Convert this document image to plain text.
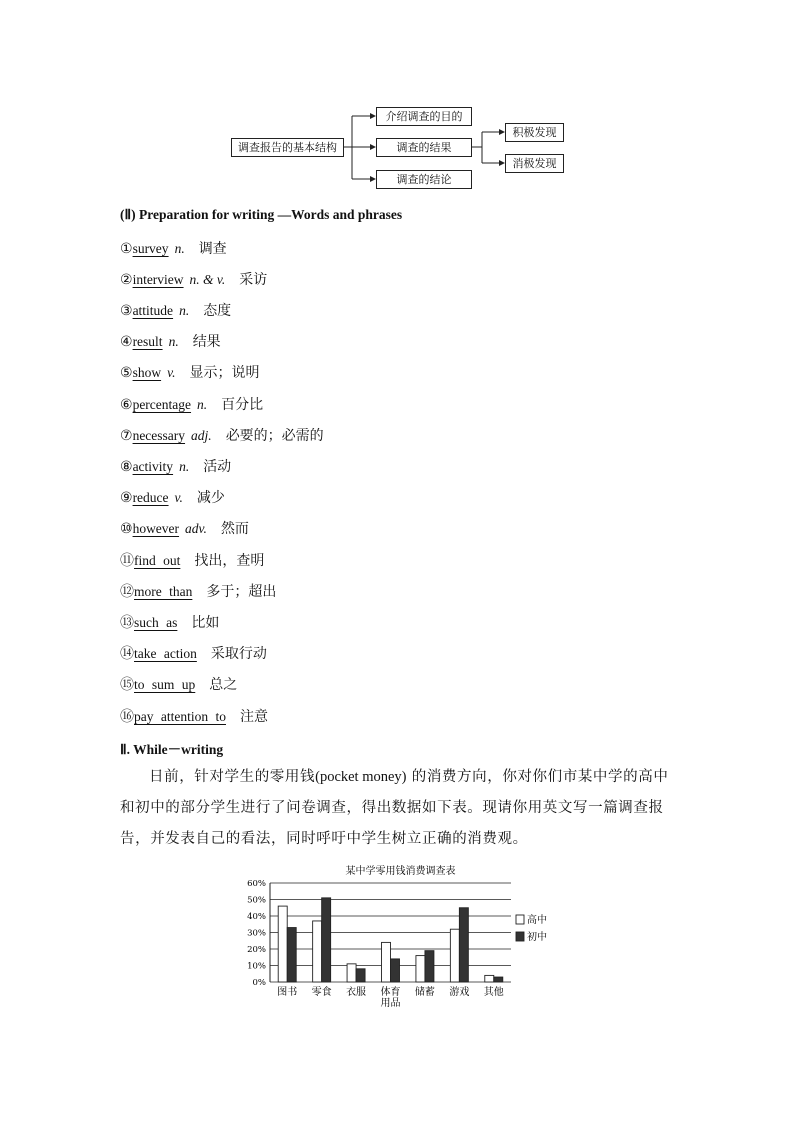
调查报告的基本结构
介绍调查的目的
调查的结果
调查的结论
积极发现
消极发现
(Ⅱ) Preparation for writing —Words and phrases
①survey n. 调查
②interview n. & v. 采访
③attitude n. 态度
④result n. 结果
⑤show v. 显示；说明
⑥percentage n. 百分比
⑦necessary adj. 必要的；必需的
⑧activity n. 活动
⑨reduce v. 减少
⑩however adv. 然而
⑪find out 找出，查明
⑫more than 多于；超出
⑬such as 比如
⑭take action 采取行动
⑮to sum up 总之
⑯pay attention to 注意
Ⅱ. While－writing
日前，针对学生的零用钱(pocket money) 的消费方向，你对你们市某中学的高中和初中的部分学生进行了问卷调查，得出数据如下表。现请你用英文写一篇调查报告，并发表自己的看法，同时呼吁中学生树立正确的消费观。
某中学零用钱消费调查表
0%
10%
20%
30%
40%
50%
60%
图书 零食 衣服 体育
用品
储蓄 游戏 其他
高中
初中
